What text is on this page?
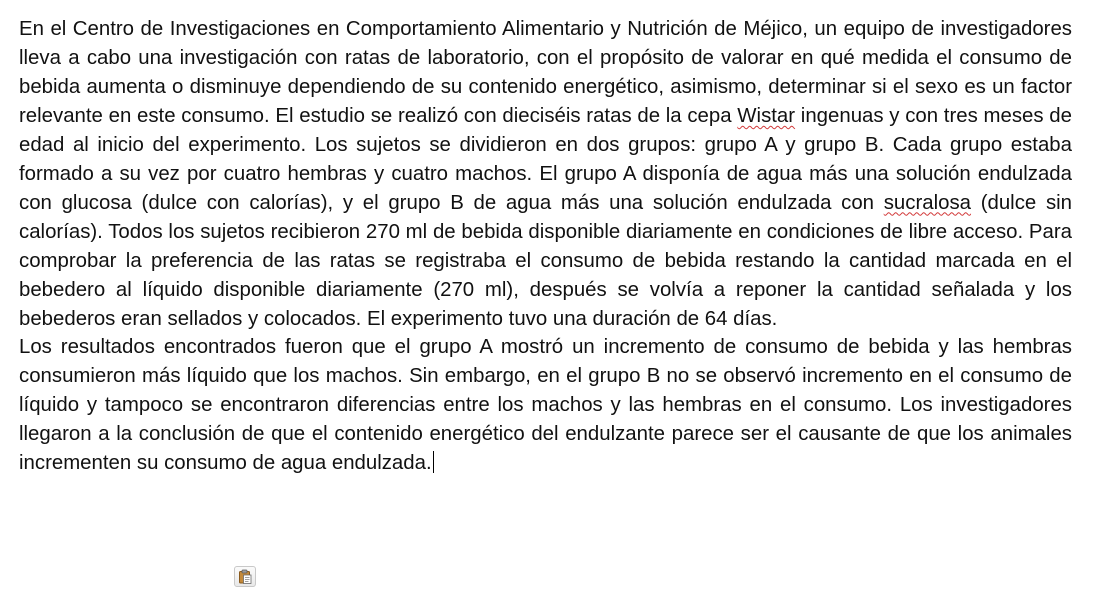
En el Centro de Investigaciones en Comportamiento Alimentario y Nutrición de Méjico, un equipo de investigadores lleva a cabo una investigación con ratas de laboratorio, con el propósito de valorar en qué medida el consumo de bebida aumenta o disminuye dependiendo de su contenido energético, asimismo, determinar si el sexo es un factor relevante en este consumo. El estudio se realizó con dieciséis ratas de la cepa Wistar ingenuas y con tres meses de edad al inicio del experimento. Los sujetos se dividieron en dos grupos: grupo A y grupo B. Cada grupo estaba formado a su vez por cuatro hembras y cuatro machos. El grupo A disponía de agua más una solución endulzada con glucosa (dulce con calorías), y el grupo B de agua más una solución endulzada con sucralosa (dulce sin calorías). Todos los sujetos recibieron 270 ml de bebida disponible diariamente en condiciones de libre acceso. Para comprobar la preferencia de las ratas se registraba el consumo de bebida restando la cantidad marcada en el bebedero al líquido disponible diariamente (270 ml), después se volvía a reponer la cantidad señalada y los bebederos eran sellados y colocados. El experimento tuvo una duración de 64 días.

Los resultados encontrados fueron que el grupo A mostró un incremento de consumo de bebida y las hembras consumieron más líquido que los machos. Sin embargo, en el grupo B no se observó incremento en el consumo de líquido y tampoco se encontraron diferencias entre los machos y las hembras en el consumo. Los investigadores llegaron a la conclusión de que el contenido energético del endulzante parece ser el causante de que los animales incrementen su consumo de agua endulzada.
